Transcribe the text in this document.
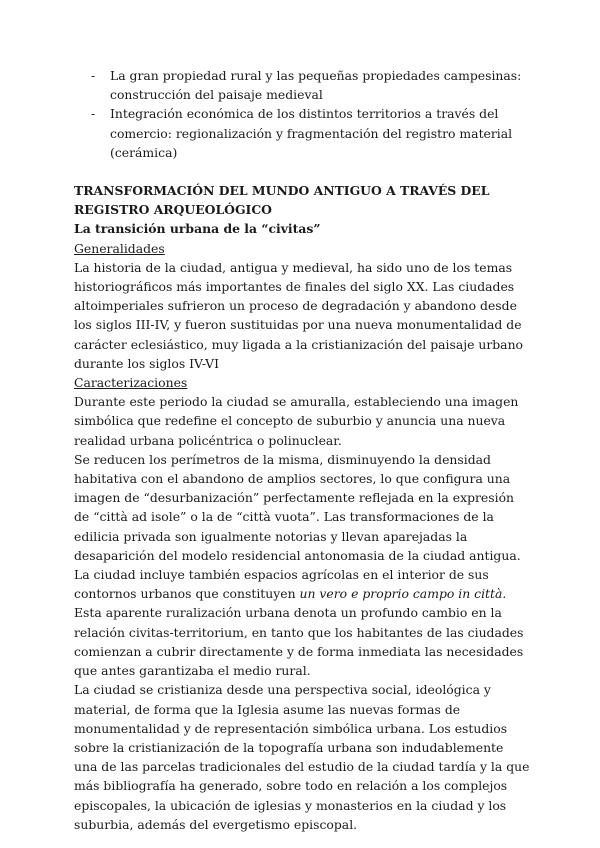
- La gran propiedad rural y las pequeñas propiedades campesinas: construcción del paisaje medieval
- Integración económica de los distintos territorios a través del comercio: regionalización y fragmentación del registro material (cerámica)

TRANSFORMACIÓN DEL MUNDO ANTIGUO A TRAVÉS DEL REGISTRO ARQUEOLÓGICO

La transición urbana de la “civitas”

Generalidades

La historia de la ciudad, antigua y medieval, ha sido uno de los temas historiográficos más importantes de finales del siglo XX. Las ciudades altoimperiales sufrieron un proceso de degradación y abandono desde los siglos III-IV, y fueron sustituidas por una nueva monumentalidad de carácter eclesiástico, muy ligada a la cristianización del paisaje urbano durante los siglos IV-VI

Caracterizaciones

Durante este periodo la ciudad se amuralla, estableciendo una imagen simbólica que redefine el concepto de suburbio y anuncia una nueva realidad urbana policéntrica o polinuclear.

Se reducen los perímetros de la misma, disminuyendo la densidad habitativa con el abandono de amplios sectores, lo que configura una imagen de “desurbanización” perfectamente reflejada en la expresión de “città ad isole” o la de “città vuota”. Las transformaciones de la edilicia privada son igualmente notorias y llevan aparejadas la desaparición del modelo residencial antonomasia de la ciudad antigua.

La ciudad incluye también espacios agrícolas en el interior de sus contornos urbanos que constituyen un vero e proprio campo in città. Esta aparente ruralización urbana denota un profundo cambio en la relación civitas-territorium, en tanto que los habitantes de las ciudades comienzan a cubrir directamente y de forma inmediata las necesidades que antes garantizaba el medio rural.

La ciudad se cristianiza desde una perspectiva social, ideológica y material, de forma que la Iglesia asume las nuevas formas de monumentalidad y de representación simbólica urbana. Los estudios sobre la cristianización de la topografía urbana son indudablemente una de las parcelas tradicionales del estudio de la ciudad tardía y la que más bibliografía ha generado, sobre todo en relación a los complejos episcopales, la ubicación de iglesias y monasterios en la ciudad y los suburbia, además del evergetismo episcopal.
